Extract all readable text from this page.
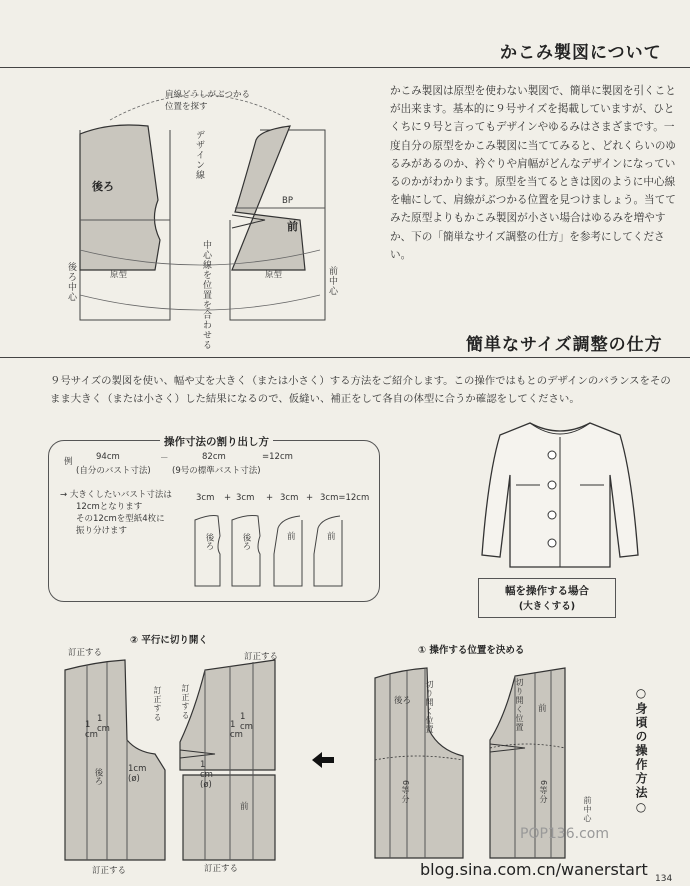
かこみ製図について
肩線どうしがぶつかる
位置を探す
デザイン線
中心線を位置を合わせる
後ろ
前
BP
原型	原型
後ろ中心	前中心
かこみ製図は原型を使わない製図で、簡単に製図を引くことが出来ます。基本的に９号サイズを掲載していますが、ひとくちに９号と言ってもデザインやゆるみはさまざまです。一度自分の原型をかこみ製図に当ててみると、どれくらいのゆるみがあるのか、衿ぐりや肩幅がどんなデザインになっているのかがわかります。原型を当てるときは図のように中心線を軸にして、肩線がぶつかる位置を見つけましょう。当ててみた原型よりもかこみ製図が小さい場合はゆるみを増やすか、下の「簡単なサイズ調整の仕方」を参考にしてください。
簡単なサイズ調整の仕方
９号サイズの製図を使い、幅や丈を大きく（または小さく）する方法をご紹介します。この操作ではもとのデザインのバランスをそのまま大きく（または小さく）した結果になるので、仮縫い、補正をして各自の体型に合うか確認をしてください。
操作寸法の割り出し方
例	94cm	－	82cm	=12cm
(自分のバスト寸法)	(9号の標準バスト寸法)
→ 大きくしたいバスト寸法は
12cmとなります
その12cmを型紙4枚に
振り分けます
3cm + 3cm + 3cm + 3cm=12cm
後ろ	後ろ	前	前
幅を操作する場合
(大きくする)
○身頃の操作方法○
② 平行に切り開く
訂正する	訂正する
訂正する 訂正する
1
cm
1
cm
1
cm
1
cm
1cm
(ø)
1
cm
(ø)
後ろ
前
訂正する	訂正する
① 操作する位置を決める
後ろ
前
切り開く位置	切り開く位置
6等分	6等分
前中心
POP136.com
blog.sina.com.cn/wanerstart 134
